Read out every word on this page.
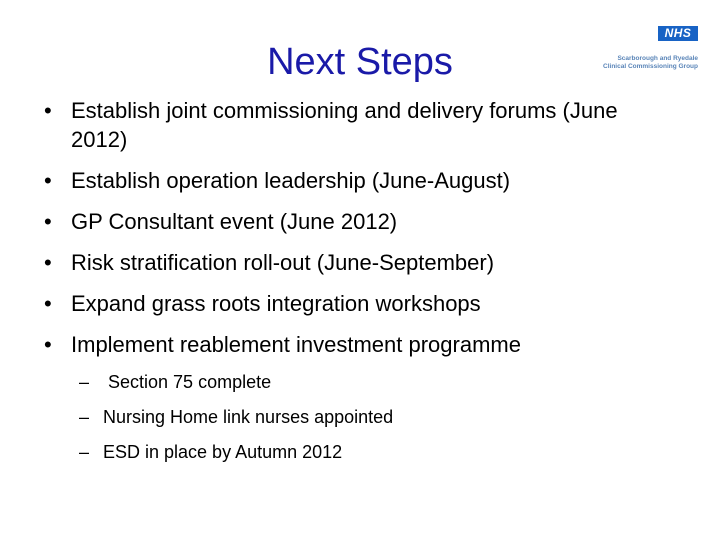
Next Steps
NHS
Scarborough and Ryedale
Clinical Commissioning Group
• Establish joint commissioning and delivery forums (June 2012)
• Establish operation leadership (June-August)
• GP Consultant event (June 2012)
• Risk stratification roll-out (June-September)
• Expand grass roots integration workshops
• Implement reablement investment programme
– Section 75 complete
– Nursing Home link nurses appointed
– ESD in place by Autumn 2012
